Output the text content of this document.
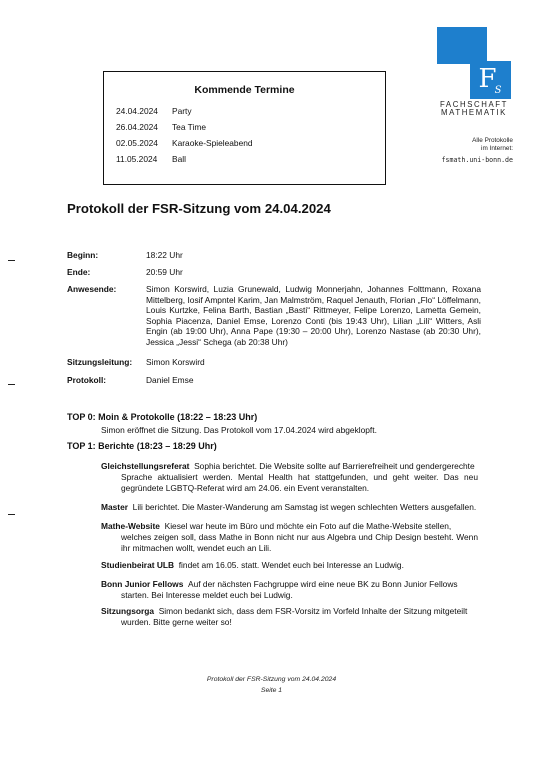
Kommende Termine
24.04.2024 Party
26.04.2024 Tea Time
02.05.2024 Karaoke-Spieleabend
11.05.2024 Ball
$F_S$
FACHSCHAFT
MATHEMATIK
Alle Protokolle
im Internet:
fsmath.uni-bonn.de
Protokoll der FSR-Sitzung vom 24.04.2024
Beginn:	18:22 Uhr
Ende:	20:59 Uhr
Anwesende:	Simon Korswird, Luzia Grunewald, Ludwig Monnerjahn, Johannes Folttmann, Roxana Mittelberg, Iosif Ampntel Karim, Jan Malmström, Raquel Jenauth, Florian „Flo“ Löffelmann, Louis Kurtzke, Felina Barth, Bastian „Basti“ Rittmeyer, Felipe Lorenzo, Lametta Gemein, Sophia Piacenza, Daniel Emse, Lorenzo Conti (bis 19:43 Uhr), Lilian „Lili“ Witters, Asli Engin (ab 19:00 Uhr), Anna Pape (19:30 – 20:00 Uhr), Lorenzo Nastase (ab 20:30 Uhr), Jessica „Jessi“ Schega (ab 20:38 Uhr)
Sitzungsleitung: Simon Korswird
Protokoll:	Daniel Emse
TOP 0: Moin & Protokolle (18:22 – 18:23 Uhr)
Simon eröffnet die Sitzung. Das Protokoll vom 17.04.2024 wird abgeklopft.
TOP 1: Berichte (18:23 – 18:29 Uhr)
Gleichstellungsreferat Sophia berichtet. Die Website sollte auf Barrierefreiheit und gendergerechte
Sprache aktualisiert werden. Mental Health hat stattgefunden, und geht weiter. Das neu gegründete LGBTQ-Referat wird am 24.06. ein Event veranstalten.
Master Lili berichtet. Die Master-Wanderung am Samstag ist wegen schlechten Wetters ausgefallen.
Mathe-Website Kiesel war heute im Büro und möchte ein Foto auf die Mathe-Website stellen,
welches zeigen soll, dass Mathe in Bonn nicht nur aus Algebra und Chip Design besteht. Wenn ihr mitmachen wollt, wendet euch an Lili.
Studienbeirat ULB findet am 16.05. statt. Wendet euch bei Interesse an Ludwig.
Bonn Junior Fellows Auf der nächsten Fachgruppe wird eine neue BK zu Bonn Junior Fellows
starten. Bei Interesse meldet euch bei Ludwig.
Sitzungsorga Simon bedankt sich, dass dem FSR-Vorsitz im Vorfeld Inhalte der Sitzung mitgeteilt
wurden. Bitte gerne weiter so!
Protokoll der FSR-Sitzung vom 24.04.2024
Seite 1
